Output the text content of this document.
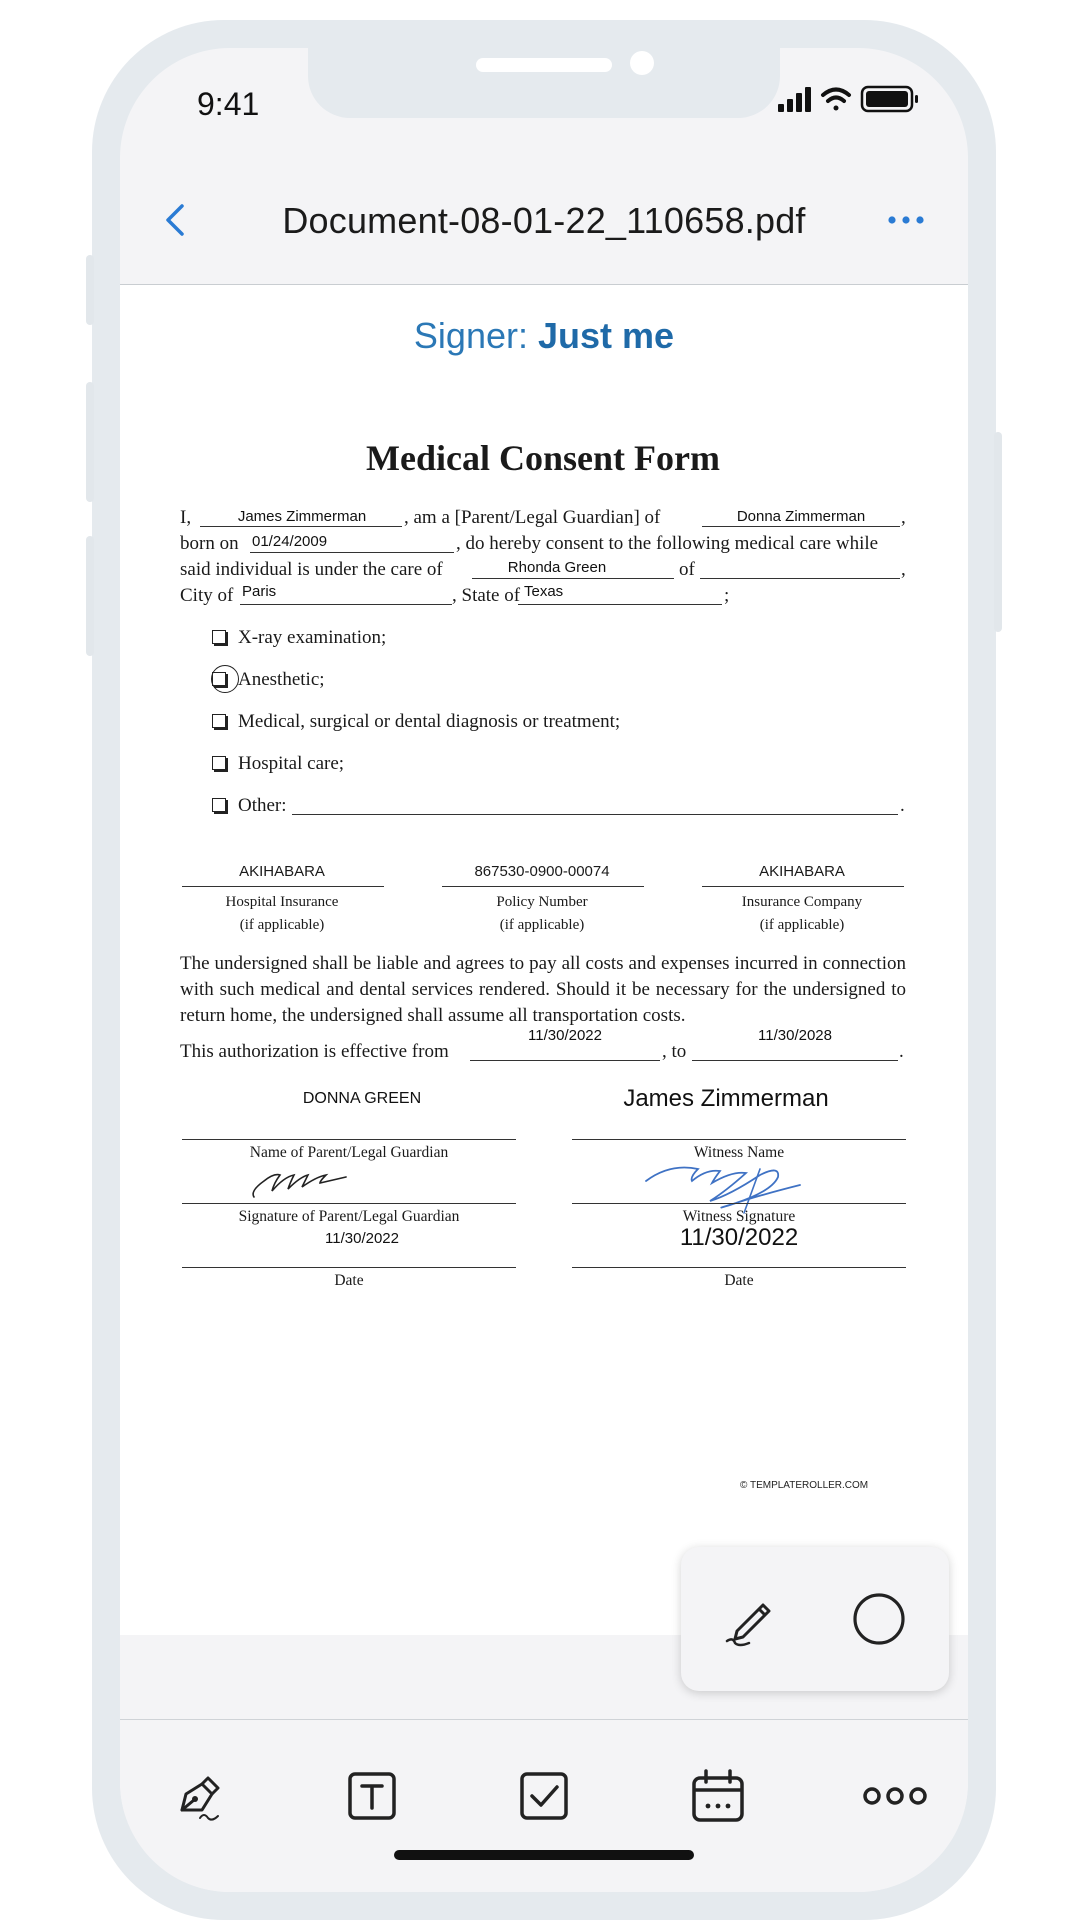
9:41
Document-08-01-22_110658.pdf
Signer: Just me
Medical Consent Form
I,	, am a [Parent/Legal Guardian] of	,
James Zimmerman	Donna Zimmerman
born on	, do hereby consent to the following medical care while
01/24/2009
said individual is under the care of	of	,
Rhonda Green
City of	, State of	;
Paris	Texas
X-ray examination;
Anesthetic;
Medical, surgical or dental diagnosis or treatment;
Hospital care;
Other:	.
AKIHABARA
Hospital Insurance
(if applicable)
867530-0900-00074
Policy Number
(if applicable)
AKIHABARA
Insurance Company
(if applicable)
The undersigned shall be liable and agrees to pay all costs and expenses incurred in connection with such medical and dental services rendered. Should it be necessary for the undersigned to return home, the undersigned shall assume all transportation costs.
This authorization is effective from	, to	.
11/30/2022	11/30/2028
DONNA GREEN
Name of Parent/Legal Guardian
Signature of Parent/Legal Guardian
11/30/2022
Date
James Zimmerman
Witness Name
Witness Signature
11/30/2022
Date
© TEMPLATEROLLER.COM
